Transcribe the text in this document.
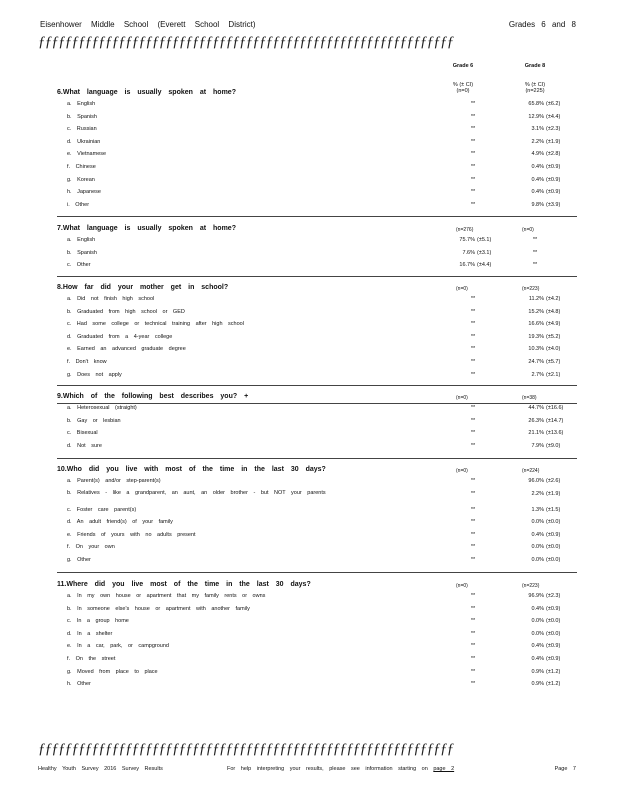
Eisenhower Middle School (Everett School District)	Grades 6 and 8
ƒƒƒƒƒƒƒƒƒƒƒƒƒƒƒƒƒƒƒƒƒƒƒƒƒƒƒƒƒƒƒƒƒƒƒƒƒƒƒƒƒƒƒƒƒƒƒƒƒƒƒƒƒƒƒƒƒƒƒƒƒƒ
Grade 6	Grade 8
% (± CI)
(n=0)
% (± CI)
(n=225)
6.What language is usually spoken at home?
a. English	**	65.8% (±6.2)
b. Spanish	**	12.9% (±4.4)
c. Russian	**	3.1% (±2.3)
d. Ukrainian	**	2.2% (±1.9)
e. Vietnamese	**	4.9% (±2.8)
f. Chinese	**	0.4% (±0.9)
g. Korean	**	0.4% (±0.9)
h. Japanese	**	0.4% (±0.9)
i. Other	**	9.8% (±3.9)
7.What language is usually spoken at home?	(n=276)	(n=0)
a. English	75.7% (±5.1)	**
b. Spanish	7.6% (±3.1)	**
c. Other	16.7% (±4.4)	**
8.How far did your mother get in school?	(n=0)	(n=223)
a. Did not finish high school	**	11.2% (±4.2)
b. Graduated from high school or GED	**	15.2% (±4.8)
c. Had some college or technical training after high school	**	16.6% (±4.9)
d. Graduated from a 4-year college	**	19.3% (±5.2)
e. Earned an advanced graduate degree	**	10.3% (±4.0)
f. Don't know	**	24.7% (±5.7)
g. Does not apply	**	2.7% (±2.1)
9.Which of the following best describes you? +	(n=0)	(n=38)
a. Heterosexual (straight)	**	44.7% (±16.6)
b. Gay or lesbian	**	26.3% (±14.7)
c. Bisexual	**	21.1% (±13.6)
d. Not sure	**	7.9% (±9.0)
10.Who did you live with most of the time in the last 30 days?	(n=0)	(n=224)
a. Parent(s) and/or step-parent(s)	**	96.0% (±2.6)
b. Relatives - like a grandparent, an aunt, an older brother - but NOT your parents	**	2.2% (±1.9)
c. Foster care parent(s)	**	1.3% (±1.5)
d. An adult friend(s) of your family	**	0.0% (±0.0)
e. Friends of yours with no adults present	**	0.4% (±0.9)
f. On your own	**	0.0% (±0.0)
g. Other	**	0.0% (±0.0)
11.Where did you live most of the time in the last 30 days?	(n=0)	(n=223)
a. In my own house or apartment that my family rents or owns	**	96.9% (±2.3)
b. In someone else's house or apartment with another family	**	0.4% (±0.9)
c. In a group home	**	0.0% (±0.0)
d. In a shelter	**	0.0% (±0.0)
e. In a car, park, or campground	**	0.4% (±0.9)
f. On the street	**	0.4% (±0.9)
g. Moved from place to place	**	0.9% (±1.2)
h. Other	**	0.9% (±1.2)
ƒƒƒƒƒƒƒƒƒƒƒƒƒƒƒƒƒƒƒƒƒƒƒƒƒƒƒƒƒƒƒƒƒƒƒƒƒƒƒƒƒƒƒƒƒƒƒƒƒƒƒƒƒƒƒƒƒƒƒƒƒƒ
Healthy Youth Survey 2016 Survey Results	For help interpreting your results, please see information starting on page 2	Page 7
